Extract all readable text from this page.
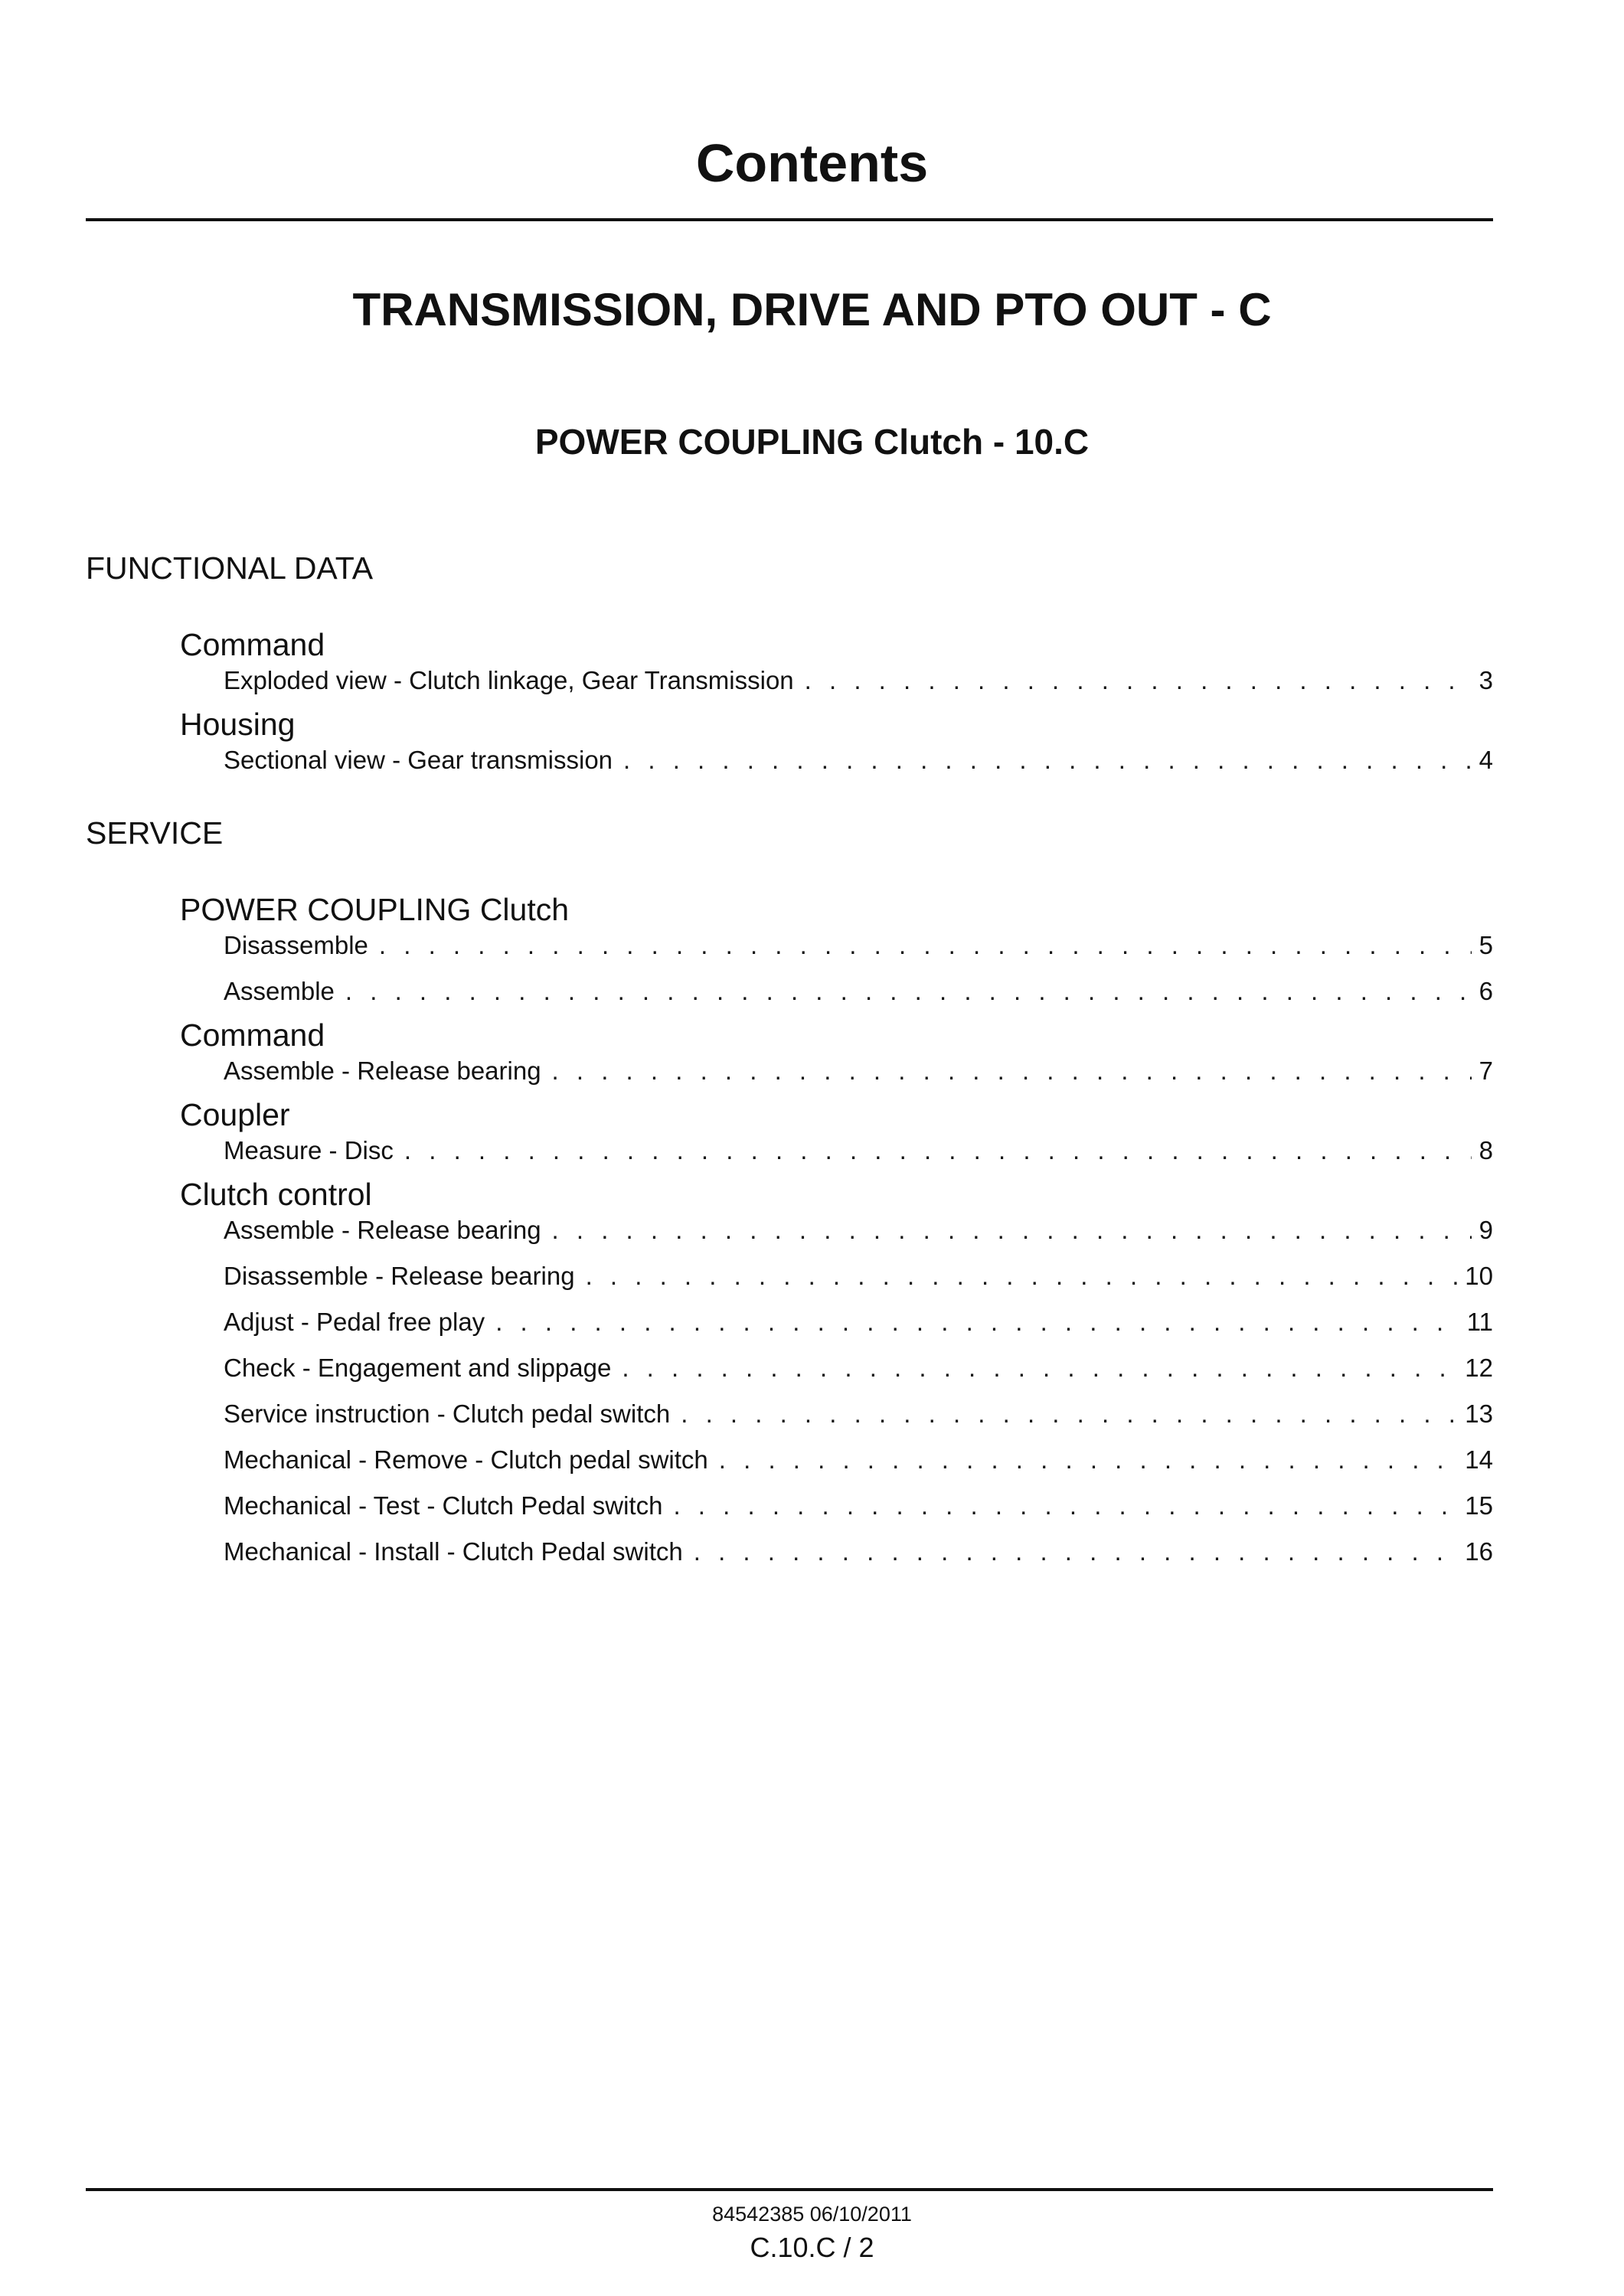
Contents
TRANSMISSION, DRIVE AND PTO OUT - C
POWER COUPLING Clutch - 10.C
FUNCTIONAL DATA
Command
Exploded view - Clutch linkage, Gear Transmission . . .	3
Housing
Sectional view - Gear transmission . . .	4
SERVICE
POWER COUPLING Clutch
Disassemble . . .	5
Assemble . . .	6
Command
Assemble - Release bearing . . .	7
Coupler
Measure - Disc . . .	8
Clutch control
Assemble - Release bearing . . .	9
Disassemble - Release bearing . . .	10
Adjust - Pedal free play . . .	11
Check - Engagement and slippage . . .	12
Service instruction - Clutch pedal switch . . .	13
Mechanical - Remove - Clutch pedal switch . . .	14
Mechanical - Test - Clutch Pedal switch . . .	15
Mechanical - Install - Clutch Pedal switch . . .	16
84542385 06/10/2011
C.10.C / 2
